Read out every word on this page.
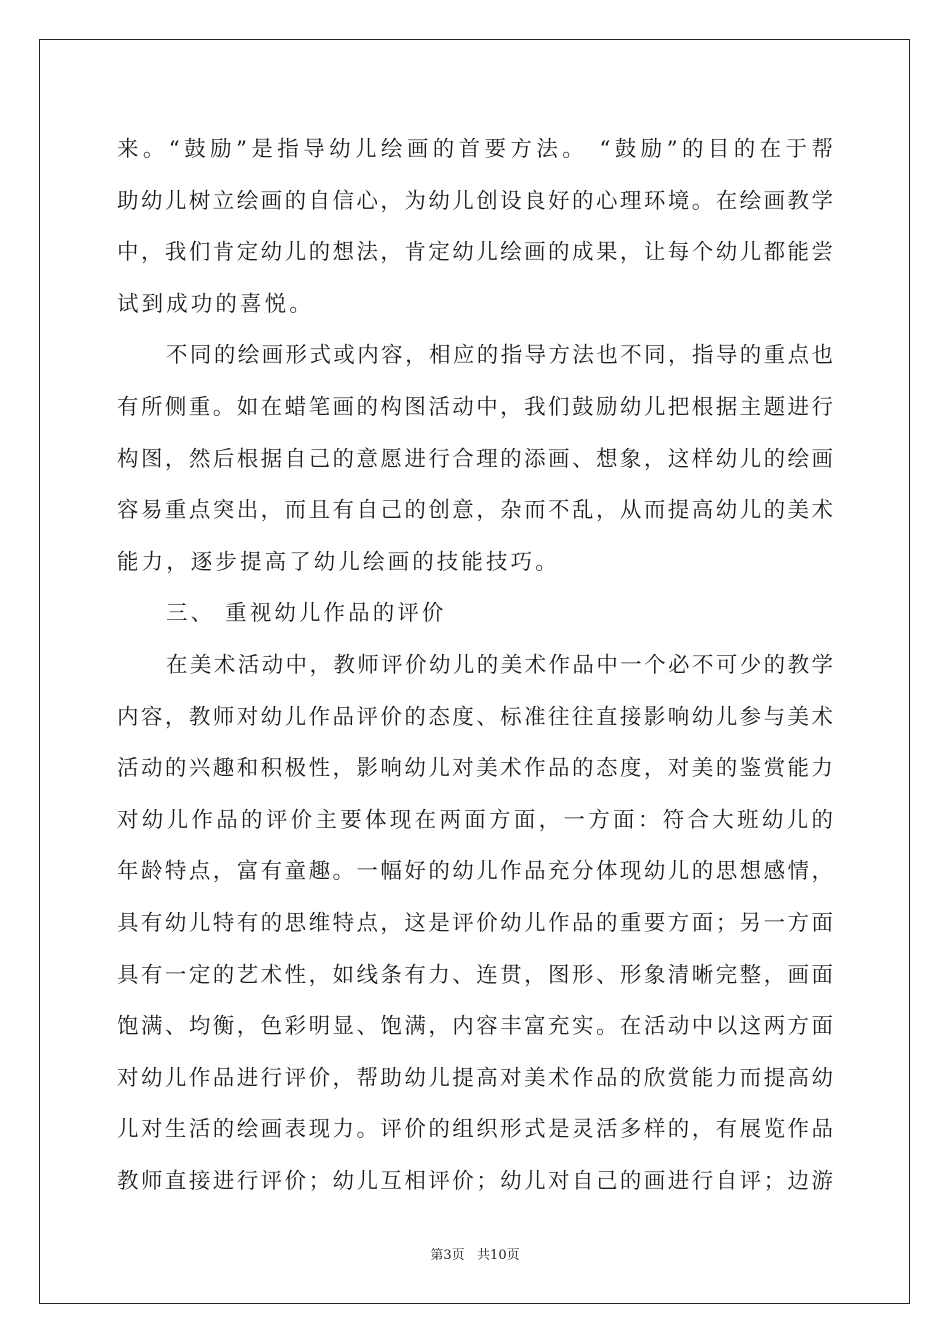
来。“鼓励”是指导幼儿绘画的首要方法。 “鼓励”的目的在于帮
助幼儿树立绘画的自信心，为幼儿创设良好的心理环境。在绘画教学
中，我们肯定幼儿的想法，肯定幼儿绘画的成果，让每个幼儿都能尝
试到成功的喜悦。
不同的绘画形式或内容，相应的指导方法也不同，指导的重点也
有所侧重。如在蜡笔画的构图活动中，我们鼓励幼儿把根据主题进行
构图，然后根据自己的意愿进行合理的添画、想象，这样幼儿的绘画
容易重点突出，而且有自己的创意，杂而不乱，从而提高幼儿的美术
能力，逐步提高了幼儿绘画的技能技巧。
三、 重视幼儿作品的评价
在美术活动中，教师评价幼儿的美术作品中一个必不可少的教学
内容，教师对幼儿作品评价的态度、标准往往直接影响幼儿参与美术
活动的兴趣和积极性，影响幼儿对美术作品的态度，对美的鉴赏能力
对幼儿作品的评价主要体现在两面方面，一方面：符合大班幼儿的
年龄特点，富有童趣。一幅好的幼儿作品充分体现幼儿的思想感情，
具有幼儿特有的思维特点，这是评价幼儿作品的重要方面；另一方面
具有一定的艺术性，如线条有力、连贯，图形、形象清晰完整，画面
饱满、均衡，色彩明显、饱满，内容丰富充实。在活动中以这两方面
对幼儿作品进行评价，帮助幼儿提高对美术作品的欣赏能力而提高幼
儿对生活的绘画表现力。评价的组织形式是灵活多样的，有展览作品
教师直接进行评价；幼儿互相评价；幼儿对自己的画进行自评；边游
第3页   共10页
